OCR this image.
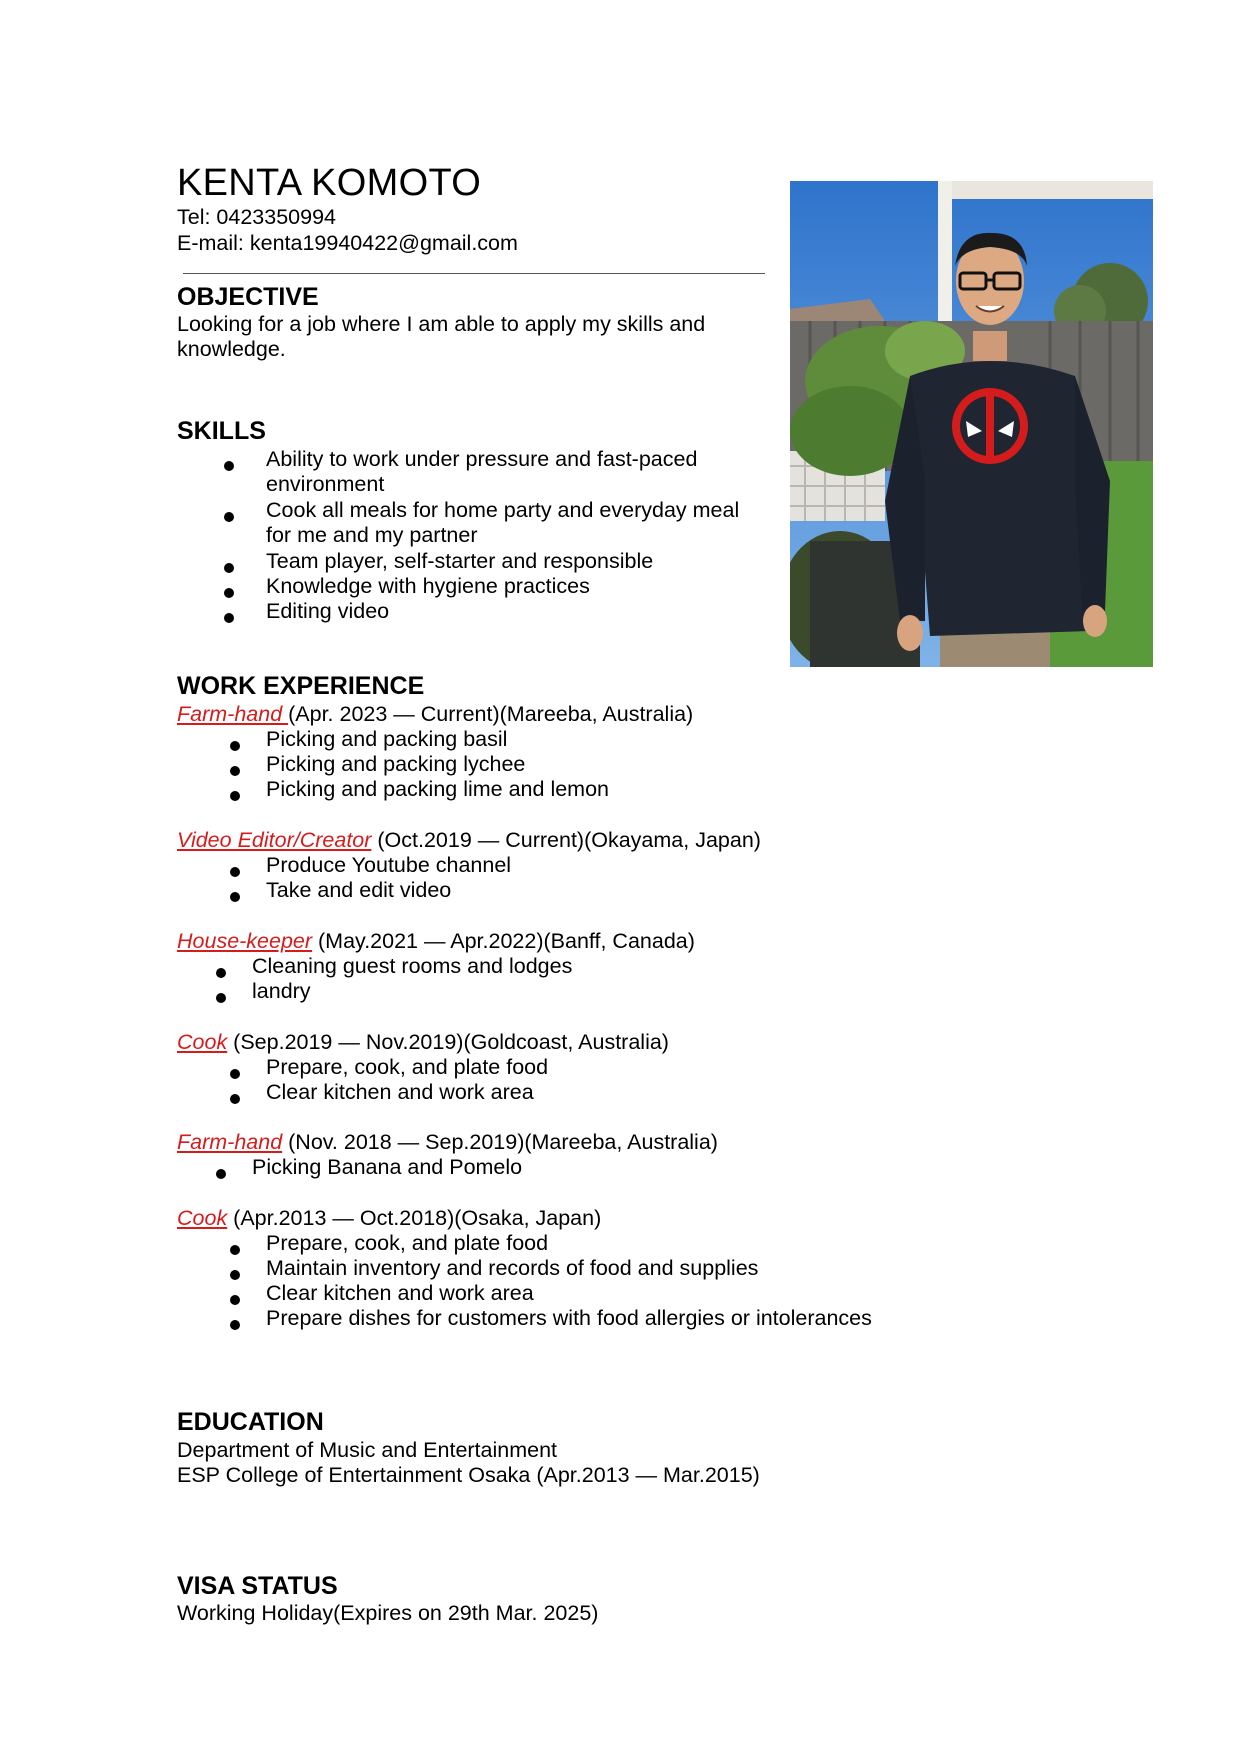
KENTA KOMOTO
Tel: 0423350994
E-mail: kenta19940422@gmail.com
OBJECTIVE
Looking for a job where I am able to apply my skills and
knowledge.
SKILLS
Ability to work under pressure and fast-paced
environment
Cook all meals for home party and everyday meal
for me and my partner
Team player, self-starter and responsible
Knowledge with hygiene practices
Editing video
WORK EXPERIENCE
Farm-hand (Apr. 2023 — Current)(Mareeba, Australia)
Picking and packing basil
Picking and packing lychee
Picking and packing lime and lemon
Video Editor/Creator (Oct.2019 — Current)(Okayama, Japan)
Produce Youtube channel
Take and edit video
House-keeper (May.2021 — Apr.2022)(Banff, Canada)
Cleaning guest rooms and lodges
landry
Cook (Sep.2019 — Nov.2019)(Goldcoast, Australia)
Prepare, cook, and plate food
Clear kitchen and work area
Farm-hand (Nov. 2018 — Sep.2019)(Mareeba, Australia)
Picking Banana and Pomelo
Cook (Apr.2013 — Oct.2018)(Osaka, Japan)
Prepare, cook, and plate food
Maintain inventory and records of food and supplies
Clear kitchen and work area
Prepare dishes for customers with food allergies or intolerances
EDUCATION
Department of Music and Entertainment
ESP College of Entertainment Osaka (Apr.2013 — Mar.2015)
VISA STATUS
Working Holiday(Expires on 29th Mar. 2025)
